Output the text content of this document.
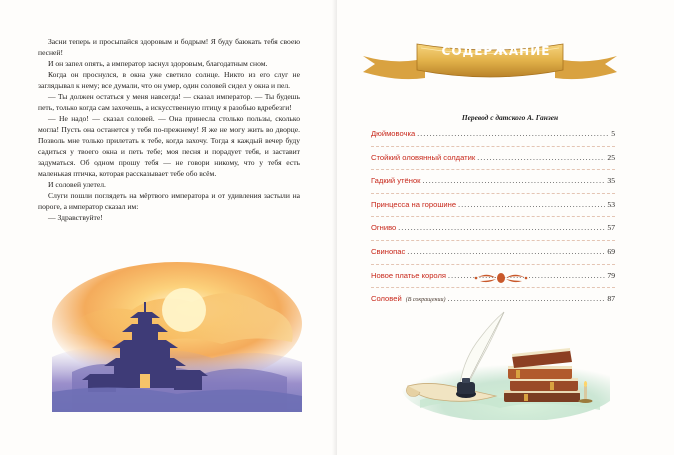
Засни теперь и просыпайся здоровым и бодрым! Я буду баюкать тебя своею песней!

И он запел опять, а император заснул здоровым, благодатным сном.

Когда он проснулся, в окна уже светило солнце. Никто из его слуг не заглядывал к нему; все думали, что он умер, один соловей сидел у окна и пел.

— Ты должен остаться у меня навсегда! — сказал император. — Ты будешь петь, только когда сам захочешь, а искусственную птицу я разобью вдребезги!

— Не надо! — сказал соловей. — Она принесла столько пользы, сколько могла! Пусть она останется у тебя по-прежнему! Я же не могу жить во дворце. Позволь мне только прилетать к тебе, когда захочу. Тогда я каждый вечер буду садиться у твоего окна и петь тебе; моя песня и порадует тебя, и заставит задуматься. Об одном прошу тебя — не говори никому, что у тебя есть маленькая птичка, которая рассказывает тебе обо всём.

И соловей улетел.

Слуги пошли поглядеть на мёртвого императора и от удивления застыли на пороге, а император сказал им:

— Здравствуйте!

СОДЕРЖАНИЕ
Перевод с датского А. Ганзен
Дюймовочка .....	5
Стойкий оловянный солдатик .....	25
Гадкий утёнок .....	35
Принцесса на горошине .....	53
Огниво .....	57
Свинопас .....	69
Новое платье короля .....	79
Соловей (В сокращении) .....	87
